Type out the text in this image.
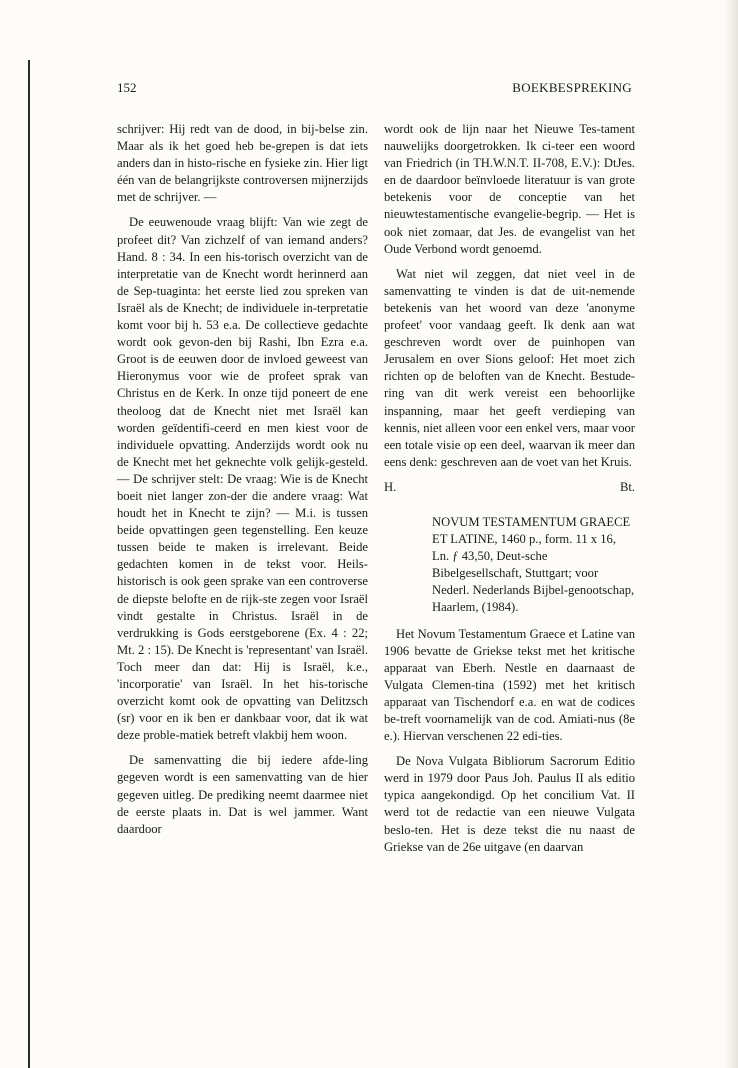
152	BOEKBESPREKING

schrijver: Hij redt van de dood, in bij-belse zin. Maar als ik het goed heb be-grepen is dat iets anders dan in histo-rische en fysieke zin. Hier ligt één van de belangrijkste controversen mijnerzijds met de schrijver. —

De eeuwenoude vraag blijft: Van wie zegt de profeet dit? Van zichzelf of van iemand anders? Hand. 8 : 34. In een his-torisch overzicht van de interpretatie van de Knecht wordt herinnerd aan de Sep-tuaginta: het eerste lied zou spreken van Israël als de Knecht; de individuele in-terpretatie komt voor bij h. 53 e.a. De collectieve gedachte wordt ook gevon-den bij Rashi, Ibn Ezra e.a. Groot is de eeuwen door de invloed geweest van Hieronymus voor wie de profeet sprak van Christus en de Kerk. In onze tijd poneert de ene theoloog dat de Knecht niet met Israël kan worden geïdentifi-ceerd en men kiest voor de individuele opvatting. Anderzijds wordt ook nu de Knecht met het geknechte volk gelijk-gesteld. — De schrijver stelt: De vraag: Wie is de Knecht boeit niet langer zon-der die andere vraag: Wat houdt het in Knecht te zijn? — M.i. is tussen beide opvattingen geen tegenstelling. Een keuze tussen beide te maken is irrelevant. Beide gedachten komen in de tekst voor. Heils-historisch is ook geen sprake van een controverse de diepste belofte en de rijk-ste zegen voor Israël vindt gestalte in Christus. Israël in de verdrukking is Gods eerstgeborene (Ex. 4 : 22; Mt. 2 : 15). De Knecht is 'representant' van Israël. Toch meer dan dat: Hij is Israël, k.e., 'incorporatie' van Israël. In het his-torische overzicht komt ook de opvatting van Delitzsch (sr) voor en ik ben er dankbaar voor, dat ik wat deze proble-matiek betreft vlakbij hem woon.

De samenvatting die bij iedere afde-ling gegeven wordt is een samenvatting van de hier gegeven uitleg. De prediking neemt daarmee niet de eerste plaats in. Dat is wel jammer. Want daardoor

wordt ook de lijn naar het Nieuwe Tes-tament nauwelijks doorgetrokken. Ik ci-teer een woord van Friedrich (in TH.W.N.T. II-708, E.V.): DtJes. en de daardoor beïnvloede literatuur is van grote betekenis voor de conceptie van het nieuwtestamentische evangelie-begrip. — Het is ook niet zomaar, dat Jes. de evangelist van het Oude Verbond wordt genoemd.

Wat niet wil zeggen, dat niet veel in de samenvatting te vinden is dat de uit-nemende betekenis van het woord van deze 'anonyme profeet' voor vandaag geeft. Ik denk aan wat geschreven wordt over de puinhopen van Jerusalem en over Sions geloof: Het moet zich richten op de beloften van de Knecht. Bestude-ring van dit werk vereist een behoorlijke inspanning, maar het geeft verdieping van kennis, niet alleen voor een enkel vers, maar voor een totale visie op een deel, waarvan ik meer dan eens denk: geschreven aan de voet van het Kruis.

H.	Bt.
NOVUM TESTAMENTUM GRAECE ET LATINE, 1460 p., form. 11 x 16, Ln. ƒ 43,50, Deut-sche Bibelgesellschaft, Stuttgart; voor Nederl. Nederlands Bijbel-genootschap, Haarlem, (1984).

Het Novum Testamentum Graece et Latine van 1906 bevatte de Griekse tekst met het kritische apparaat van Eberh. Nestle en daarnaast de Vulgata Clemen-tina (1592) met het kritisch apparaat van Tischendorf e.a. en wat de codices be-treft voornamelijk van de cod. Amiati-nus (8e e.). Hiervan verschenen 22 edi-ties.

De Nova Vulgata Bibliorum Sacrorum Editio werd in 1979 door Paus Joh. Paulus II als editio typica aangekondigd. Op het concilium Vat. II werd tot de redactie van een nieuwe Vulgata beslo-ten. Het is deze tekst die nu naast de Griekse van de 26e uitgave (en daarvan
